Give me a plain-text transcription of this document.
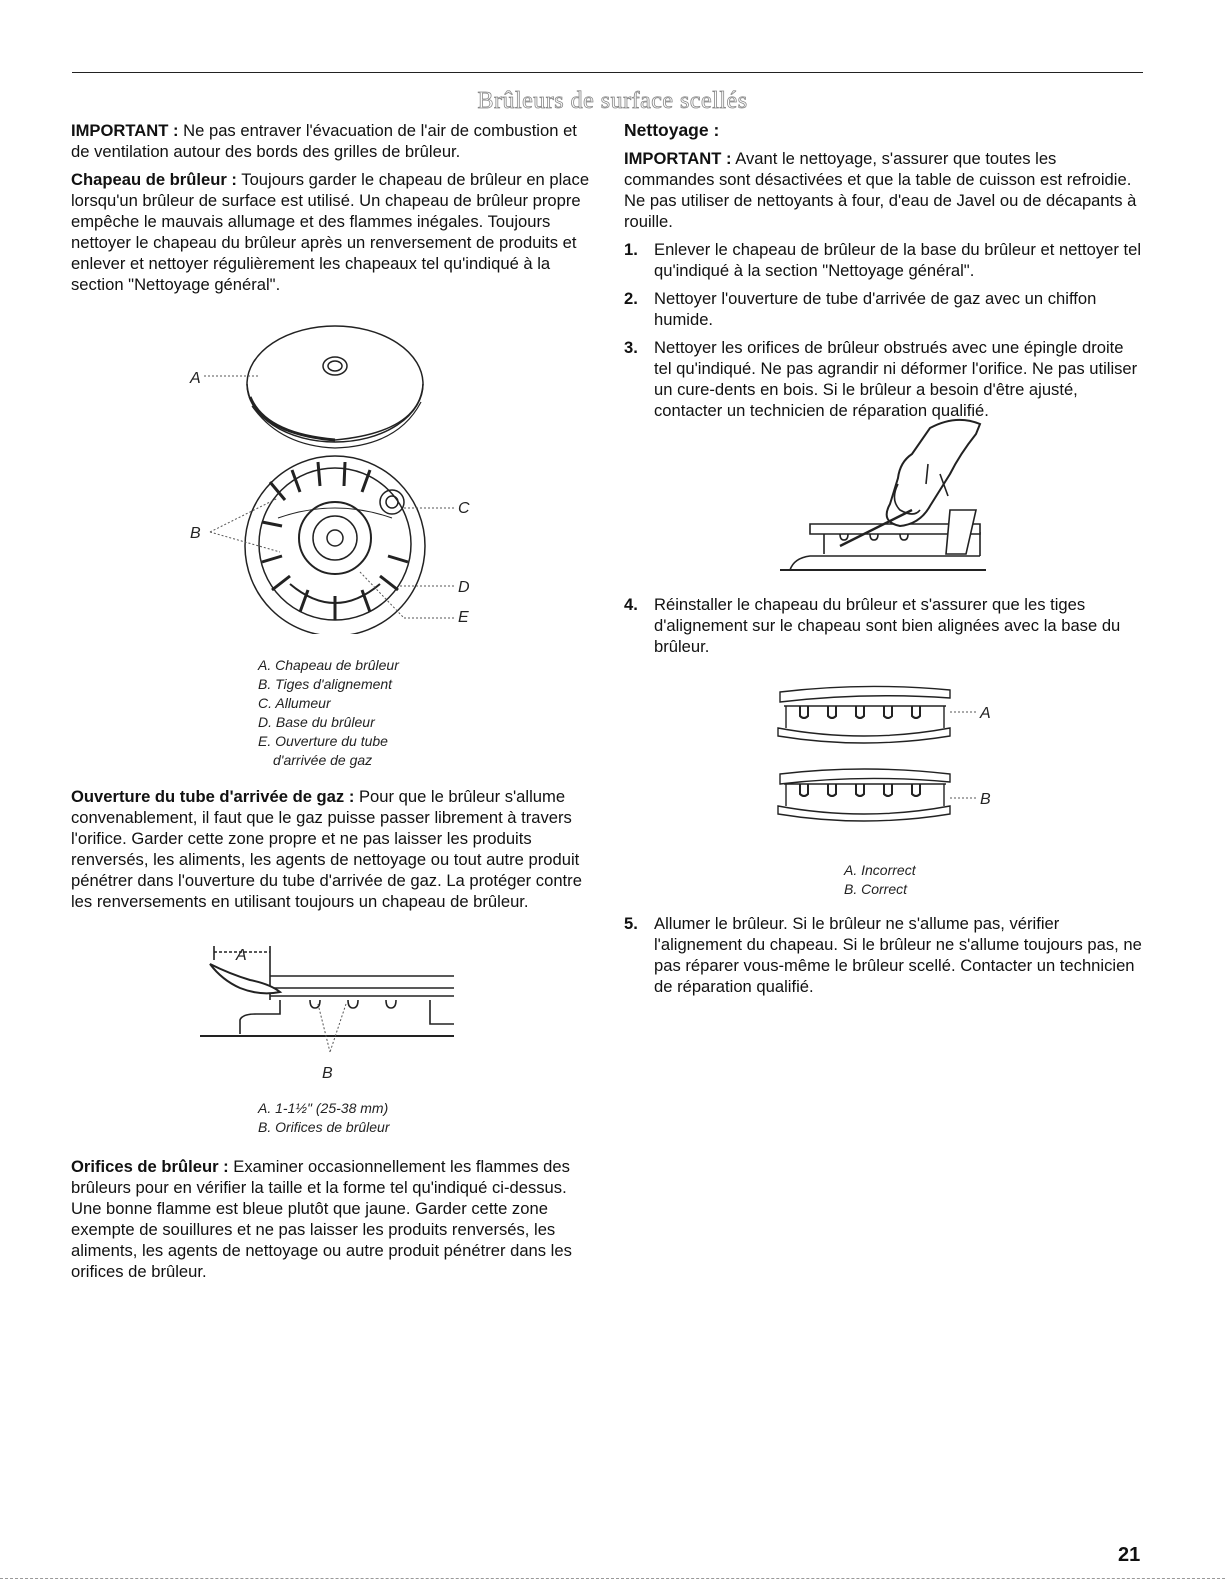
Brûleurs de surface scellés

IMPORTANT : Ne pas entraver l'évacuation de l'air de combustion et de ventilation autour des bords des grilles de brûleur.

Chapeau de brûleur : Toujours garder le chapeau de brûleur en place lorsqu'un brûleur de surface est utilisé. Un chapeau de brûleur propre empêche le mauvais allumage et des flammes inégales. Toujours nettoyer le chapeau du brûleur après un renversement de produits et enlever et nettoyer régulièrement les chapeaux tel qu'indiqué à la section "Nettoyage général".

A
B
C
D
E
A. Chapeau de brûleur
B. Tiges d'alignement
C. Allumeur
D. Base du brûleur
E. Ouverture du tube
d'arrivée de gaz

Ouverture du tube d'arrivée de gaz : Pour que le brûleur s'allume convenablement, il faut que le gaz puisse passer librement à travers l'orifice. Garder cette zone propre et ne pas laisser les produits renversés, les aliments, les agents de nettoyage ou tout autre produit pénétrer dans l'ouverture du tube d'arrivée de gaz. La protéger contre les renversements en utilisant toujours un chapeau de brûleur.

A
B
A. 1-1½" (25-38 mm)
B. Orifices de brûleur

Orifices de brûleur : Examiner occasionnellement les flammes des brûleurs pour en vérifier la taille et la forme tel qu'indiqué ci-dessus. Une bonne flamme est bleue plutôt que jaune. Garder cette zone exempte de souillures et ne pas laisser les produits renversés, les aliments, les agents de nettoyage ou autre produit pénétrer dans les orifices de brûleur.

Nettoyage :

IMPORTANT : Avant le nettoyage, s'assurer que toutes les commandes sont désactivées et que la table de cuisson est refroidie. Ne pas utiliser de nettoyants à four, d'eau de Javel ou de décapants à rouille.

1. Enlever le chapeau de brûleur de la base du brûleur et nettoyer tel qu'indiqué à la section "Nettoyage général".
2. Nettoyer l'ouverture de tube d'arrivée de gaz avec un chiffon humide.
3. Nettoyer les orifices de brûleur obstrués avec une épingle droite tel qu'indiqué. Ne pas agrandir ni déformer l'orifice. Ne pas utiliser un cure-dents en bois. Si le brûleur a besoin d'être ajusté, contacter un technicien de réparation qualifié.
4. Réinstaller le chapeau du brûleur et s'assurer que les tiges d'alignement sur le chapeau sont bien alignées avec la base du brûleur.
A
B
A. Incorrect
B. Correct
5. Allumer le brûleur. Si le brûleur ne s'allume pas, vérifier l'alignement du chapeau. Si le brûleur ne s'allume toujours pas, ne pas réparer vous-même le brûleur scellé. Contacter un technicien de réparation qualifié.
21
